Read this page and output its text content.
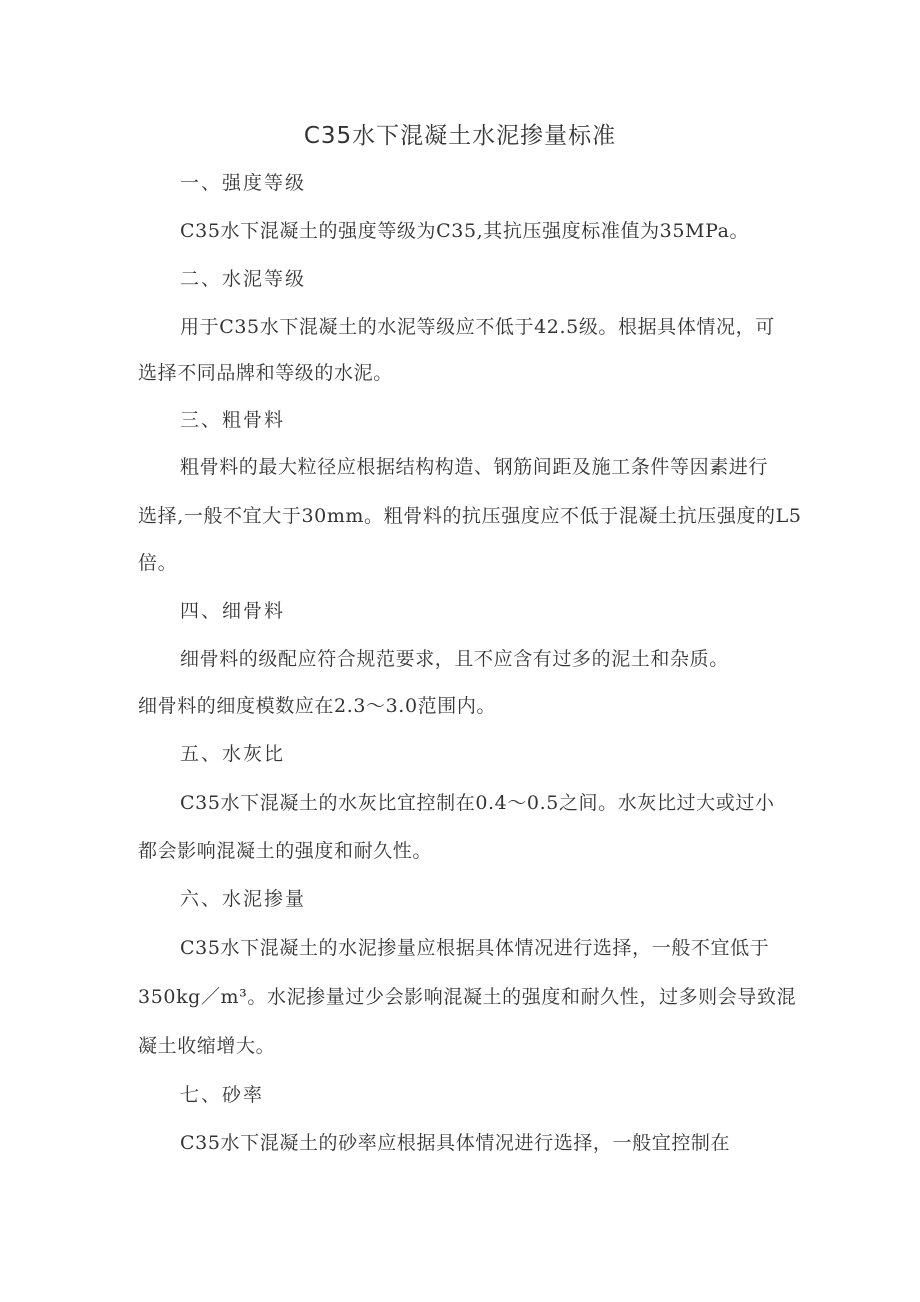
C35水下混凝土水泥掺量标准
一、强度等级
C35水下混凝土的强度等级为C35,其抗压强度标准值为35MPa。
二、水泥等级
用于C35水下混凝土的水泥等级应不低于42.5级。根据具体情况，可
选择不同品牌和等级的水泥。
三、粗骨料
粗骨料的最大粒径应根据结构构造、钢筋间距及施工条件等因素进行
选择,一般不宜大于30mm。粗骨料的抗压强度应不低于混凝土抗压强度的L5
倍。
四、细骨料
细骨料的级配应符合规范要求，且不应含有过多的泥土和杂质。
细骨料的细度模数应在2.3～3.0范围内。
五、水灰比
C35水下混凝土的水灰比宜控制在0.4～0.5之间。水灰比过大或过小
都会影响混凝土的强度和耐久性。
六、水泥掺量
C35水下混凝土的水泥掺量应根据具体情况进行选择，一般不宜低于
350kg／m³。水泥掺量过少会影响混凝土的强度和耐久性，过多则会导致混
凝土收缩增大。
七、砂率
C35水下混凝土的砂率应根据具体情况进行选择，一般宜控制在
